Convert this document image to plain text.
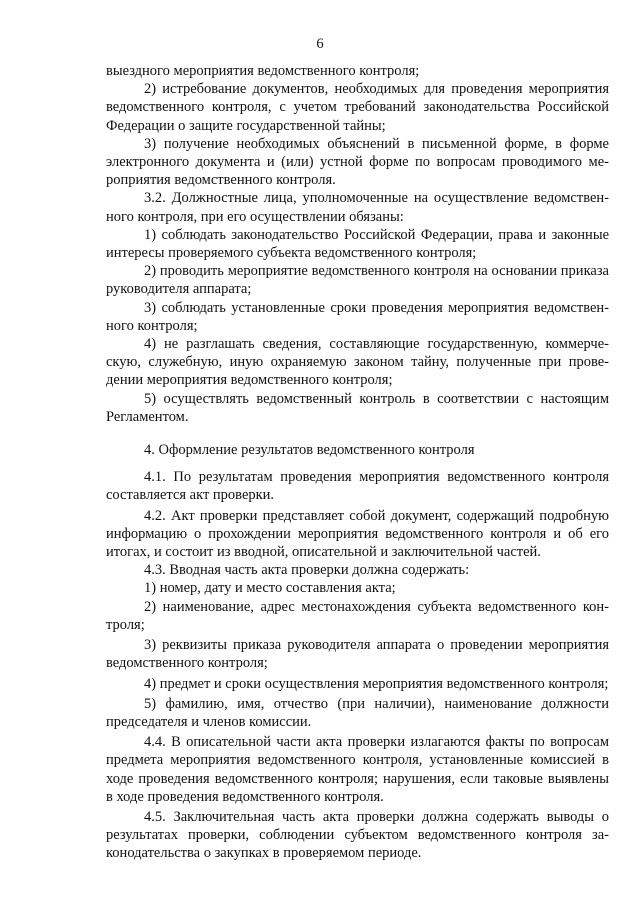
6

выездного мероприятия ведомственного контроля;

2) истребование документов, необходимых для проведения мероприятия ведомственного контроля, с учетом требований законодательства Российской Федерации о защите государственной тайны;

3) получение необходимых объяснений в письменной форме, в форме электронного документа и (или) устной форме по вопросам проводимого мероприятия ведомственного контроля.

3.2. Должностные лица, уполномоченные на осуществление ведомственного контроля, при его осуществлении обязаны:

1) соблюдать законодательство Российской Федерации, права и законные интересы проверяемого субъекта ведомственного контроля;

2) проводить мероприятие ведомственного контроля на основании приказа руководителя аппарата;

3) соблюдать установленные сроки проведения мероприятия ведомственного контроля;

4) не разглашать сведения, составляющие государственную, коммерческую, служебную, иную охраняемую законом тайну, полученные при проведении мероприятия ведомственного контроля;

5) осуществлять ведомственный контроль в соответствии с настоящим Регламентом.

4. Оформление результатов ведомственного контроля

4.1. По результатам проведения мероприятия ведомственного контроля составляется акт проверки.

4.2. Акт проверки представляет собой документ, содержащий подробную информацию о прохождении мероприятия ведомственного контроля и об его итогах, и состоит из вводной, описательной и заключительной частей.

4.3. Вводная часть акта проверки должна содержать:

1) номер, дату и место составления акта;

2) наименование, адрес местонахождения субъекта ведомственного контроля;

3) реквизиты приказа руководителя аппарата о проведении мероприятия ведомственного контроля;

4) предмет и сроки осуществления мероприятия ведомственного контроля;

5) фамилию, имя, отчество (при наличии), наименование должности председателя и членов комиссии.

4.4. В описательной части акта проверки излагаются факты по вопросам предмета мероприятия ведомственного контроля, установленные комиссией в ходе проведения ведомственного контроля; нарушения, если таковые выявлены в ходе проведения ведомственного контроля.

4.5. Заключительная часть акта проверки должна содержать выводы о результатах проверки, соблюдении субъектом ведомственного контроля законодательства о закупках в проверяемом периоде.
